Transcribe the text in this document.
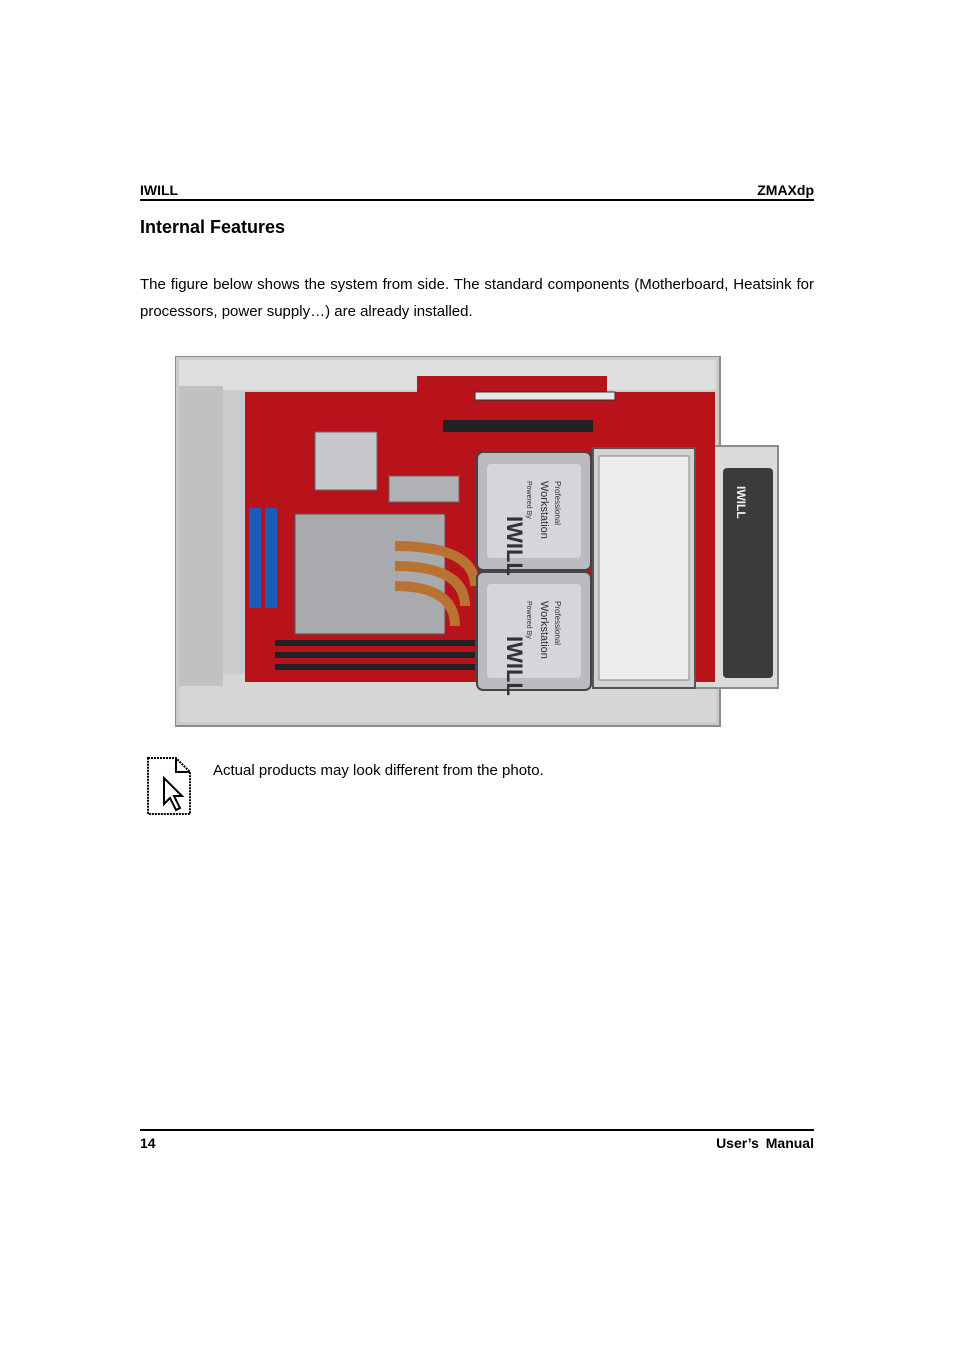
IWILL	ZMAXdp
Internal Features

The figure below shows the system from side. The standard components (Motherboard, Heatsink for processors, power supply…) are already installed.

IWILL
IWILL
Workstation
Workstation
Professional
Professional
Powered By
Powered By
IWILL
Actual products may look different from the photo.
14	User’s Manual
